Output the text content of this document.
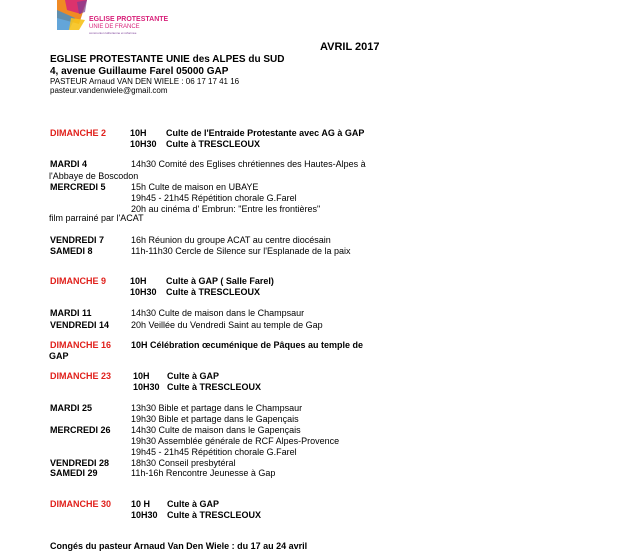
EGLISE PROTESTANTE
UNIE DE FRANCE
communion luthérienne et réformée
AVRIL 2017
EGLISE PROTESTANTE UNIE des ALPES du SUD
4, avenue Guillaume Farel 05000 GAP
PASTEUR Arnaud VAN DEN WIELE : 06 17 17 41 16
pasteur.vandenwiele@gmail.com
DIMANCHE 2	10H Culte de l'Entraide Protestante avec AG à GAP
10H30 Culte à TRESCLEOUX
MARDI 4	14h30 Comité des Eglises chrétiennes des Hautes-Alpes à
l'Abbaye de Boscodon
MERCREDI 5	15h Culte de maison en UBAYE
19h45 - 21h45 Répétition chorale G.Farel
20h au cinéma d' Embrun: "Entre les frontières"
film parrainé par l'ACAT
VENDREDI 7	16h Réunion du groupe ACAT au centre diocésain
SAMEDI 8	11h-11h30 Cercle de Silence sur l'Esplanade de la paix
DIMANCHE 9	10H Culte à GAP ( Salle Farel)
10H30 Culte à TRESCLEOUX
MARDI 11	14h30 Culte de maison dans le Champsaur
VENDREDI 14 20h Veillée du Vendredi Saint au temple de Gap
DIMANCHE 16 10H Célébration œcuménique de Pâques au temple de
GAP
DIMANCHE 23 10H Culte à GAP
10H30 Culte à TRESCLEOUX
MARDI 25	13h30 Bible et partage dans le Champsaur
19h30 Bible et partage dans le Gapençais
MERCREDI 26 14h30 Culte de maison dans le Gapençais
19h30 Assemblée générale de RCF Alpes-Provence
19h45 - 21h45 Répétition chorale G.Farel
VENDREDI 28 18h30 Conseil presbytéral
SAMEDI 29	11h-16h Rencontre Jeunesse à Gap
DIMANCHE 30 10 H Culte à GAP
10H30 Culte à TRESCLEOUX
Congés du pasteur Arnaud Van Den Wiele : du 17 au 24 avril
